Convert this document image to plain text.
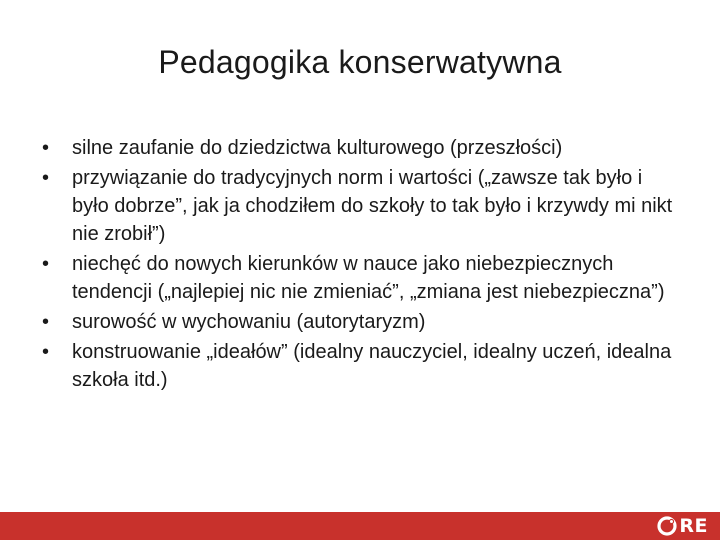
Pedagogika konserwatywna
• silne zaufanie do dziedzictwa kulturowego (przeszłości)
• przywiązanie do tradycyjnych norm i wartości („zawsze tak było i było dobrze”, jak ja chodziłem do szkoły to tak było i krzywdy mi nikt nie zrobił”)
• niechęć do nowych kierunków w nauce jako niebezpiecznych tendencji („najlepiej nic nie zmieniać”, „zmiana jest niebezpieczna”)
• surowość w wychowaniu (autorytaryzm)
• konstruowanie „ideałów” (idealny nauczyciel, idealny uczeń, idealna szkoła itd.)
RE
